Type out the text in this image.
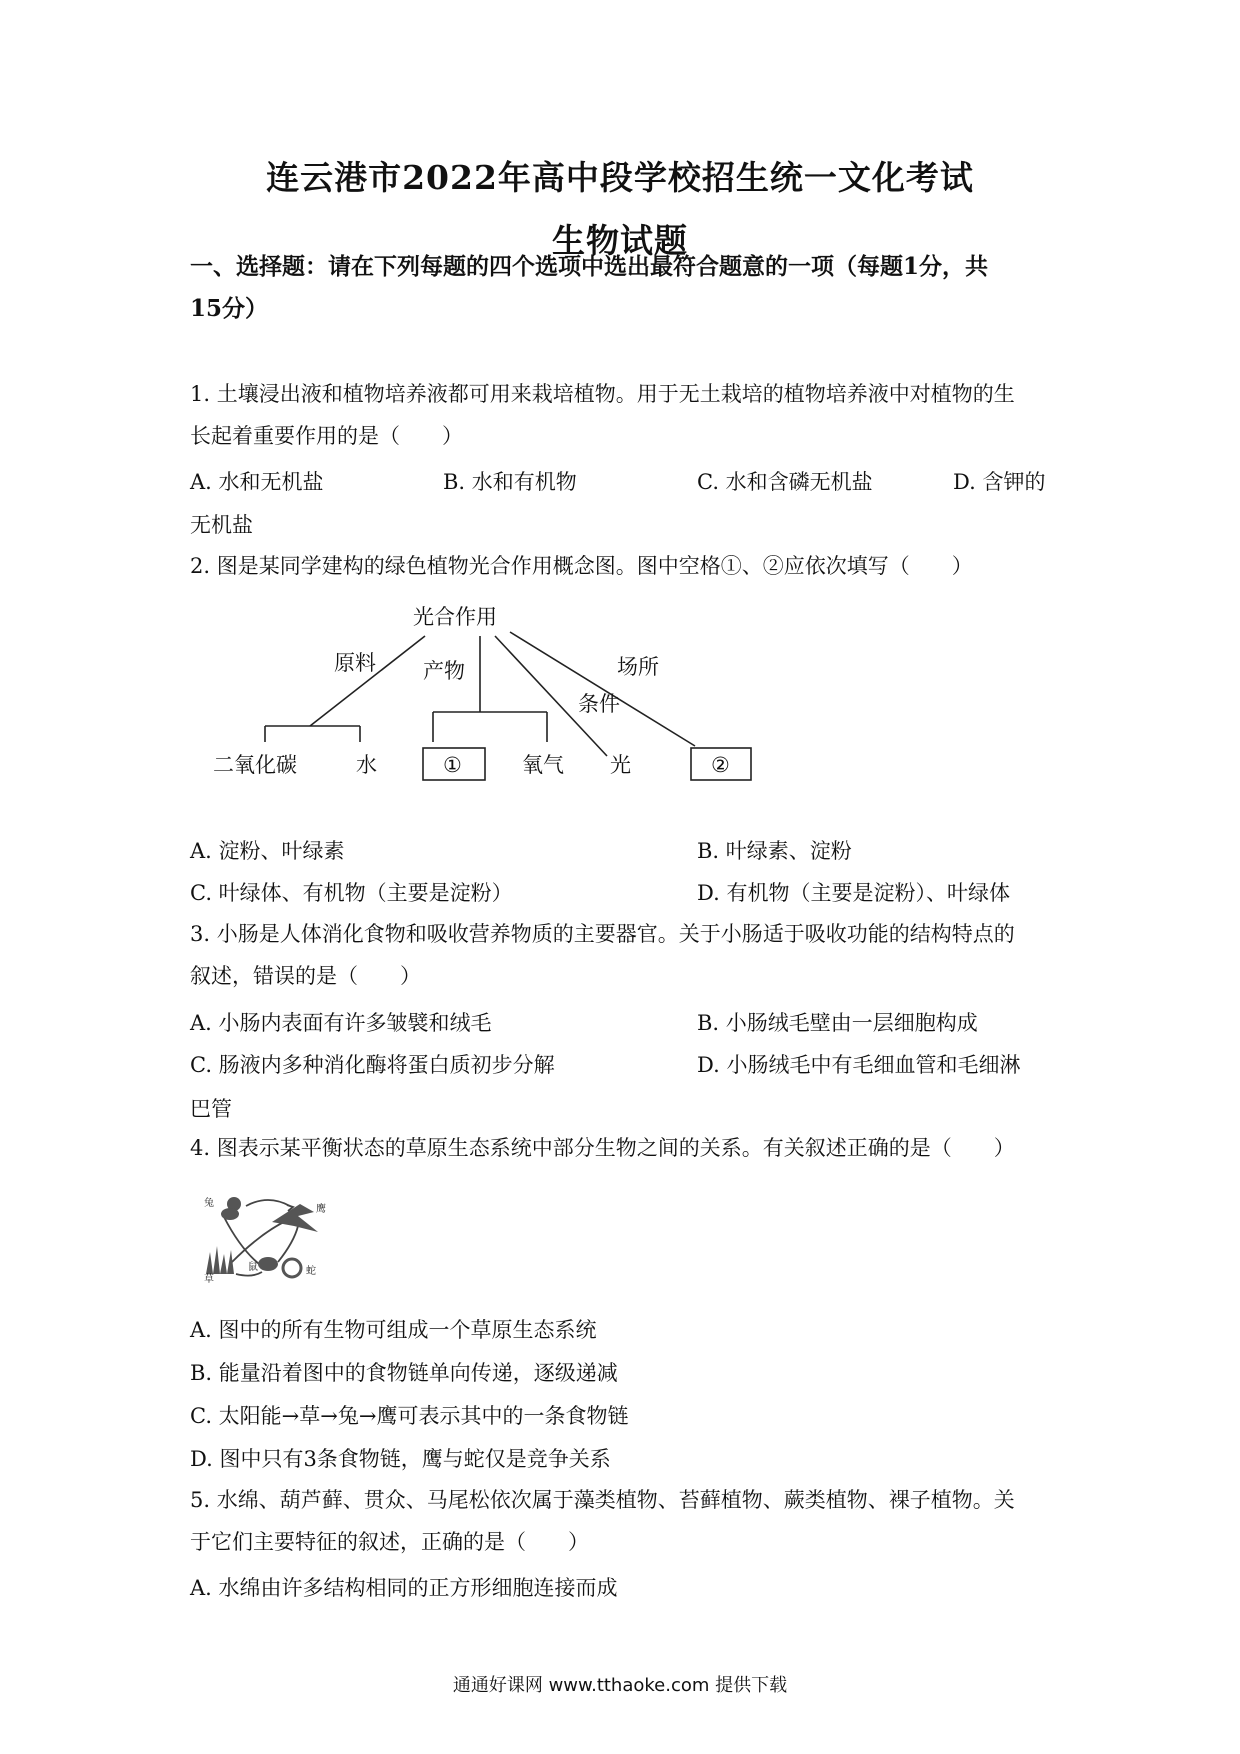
连云港市2022年高中段学校招生统一文化考试
生物试题
一、选择题：请在下列每题的四个选项中选出最符合题意的一项（每题1分，共
15分）
1. 土壤浸出液和植物培养液都可用来栽培植物。用于无土栽培的植物培养液中对植物的生
长起着重要作用的是（　　）
A. 水和无机盐	B. 水和有机物	C. 水和含磷无机盐	D. 含钾的
无机盐
2. 图是某同学建构的绿色植物光合作用概念图。图中空格①、②应依次填写（　　）
光合作用
原料 产物
条件
场所
二氧化碳	水	①	氧气 光	②
A. 淀粉、叶绿素	B. 叶绿素、淀粉
C. 叶绿体、有机物（主要是淀粉）	D. 有机物（主要是淀粉）、叶绿体
3. 小肠是人体消化食物和吸收营养物质的主要器官。关于小肠适于吸收功能的结构特点的
叙述，错误的是（　　）
A. 小肠内表面有许多皱襞和绒毛	B. 小肠绒毛壁由一层细胞构成
C. 肠液内多种消化酶将蛋白质初步分解	D. 小肠绒毛中有毛细血管和毛细淋
巴管
4. 图表示某平衡状态的草原生态系统中部分生物之间的关系。有关叙述正确的是（　　）
兔
鹰
草
鼠	蛇
A. 图中的所有生物可组成一个草原生态系统
B. 能量沿着图中的食物链单向传递，逐级递减
C. 太阳能→草→兔→鹰可表示其中的一条食物链
D. 图中只有3条食物链，鹰与蛇仅是竞争关系
5. 水绵、葫芦藓、贯众、马尾松依次属于藻类植物、苔藓植物、蕨类植物、裸子植物。关
于它们主要特征的叙述，正确的是（　　）
A. 水绵由许多结构相同的正方形细胞连接而成
通通好课网 www.tthaoke.com 提供下载
